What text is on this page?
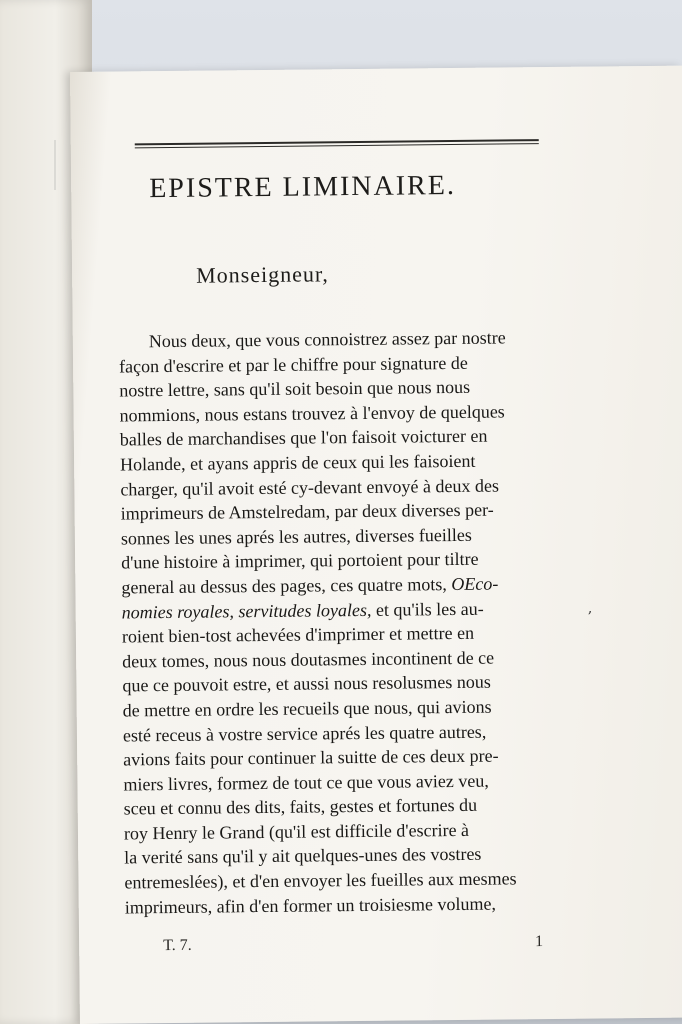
EPISTRE LIMINAIRE.
Monseigneur,
Nous deux, que vous connoistrez assez par nostre
façon d'escrire et par le chiffre pour signature de
nostre lettre, sans qu'il soit besoin que nous nous
nommions, nous estans trouvez à l'envoy de quelques
balles de marchandises que l'on faisoit voicturer en
Holande, et ayans appris de ceux qui les faisoient
charger, qu'il avoit esté cy-devant envoyé à deux des
imprimeurs de Amstelredam, par deux diverses per-
sonnes les unes aprés les autres, diverses fueilles
d'une histoire à imprimer, qui portoient pour tiltre
general au dessus des pages, ces quatre mots, OEco-
nomies royales, servitudes loyales, et qu'ils les au-
roient bien-tost achevées d'imprimer et mettre en
deux tomes, nous nous doutasmes incontinent de ce
que ce pouvoit estre, et aussi nous resolusmes nous
de mettre en ordre les recueils que nous, qui avions
esté receus à vostre service aprés les quatre autres,
avions faits pour continuer la suitte de ces deux pre-
miers livres, formez de tout ce que vous aviez veu,
sceu et connu des dits, faits, gestes et fortunes du
roy Henry le Grand (qu'il est difficile d'escrire à
la verité sans qu'il y ait quelques-unes des vostres
entremeslées), et d'en envoyer les fueilles aux mesmes
imprimeurs, afin d'en former un troisiesme volume,
‚
T. 7.	1
